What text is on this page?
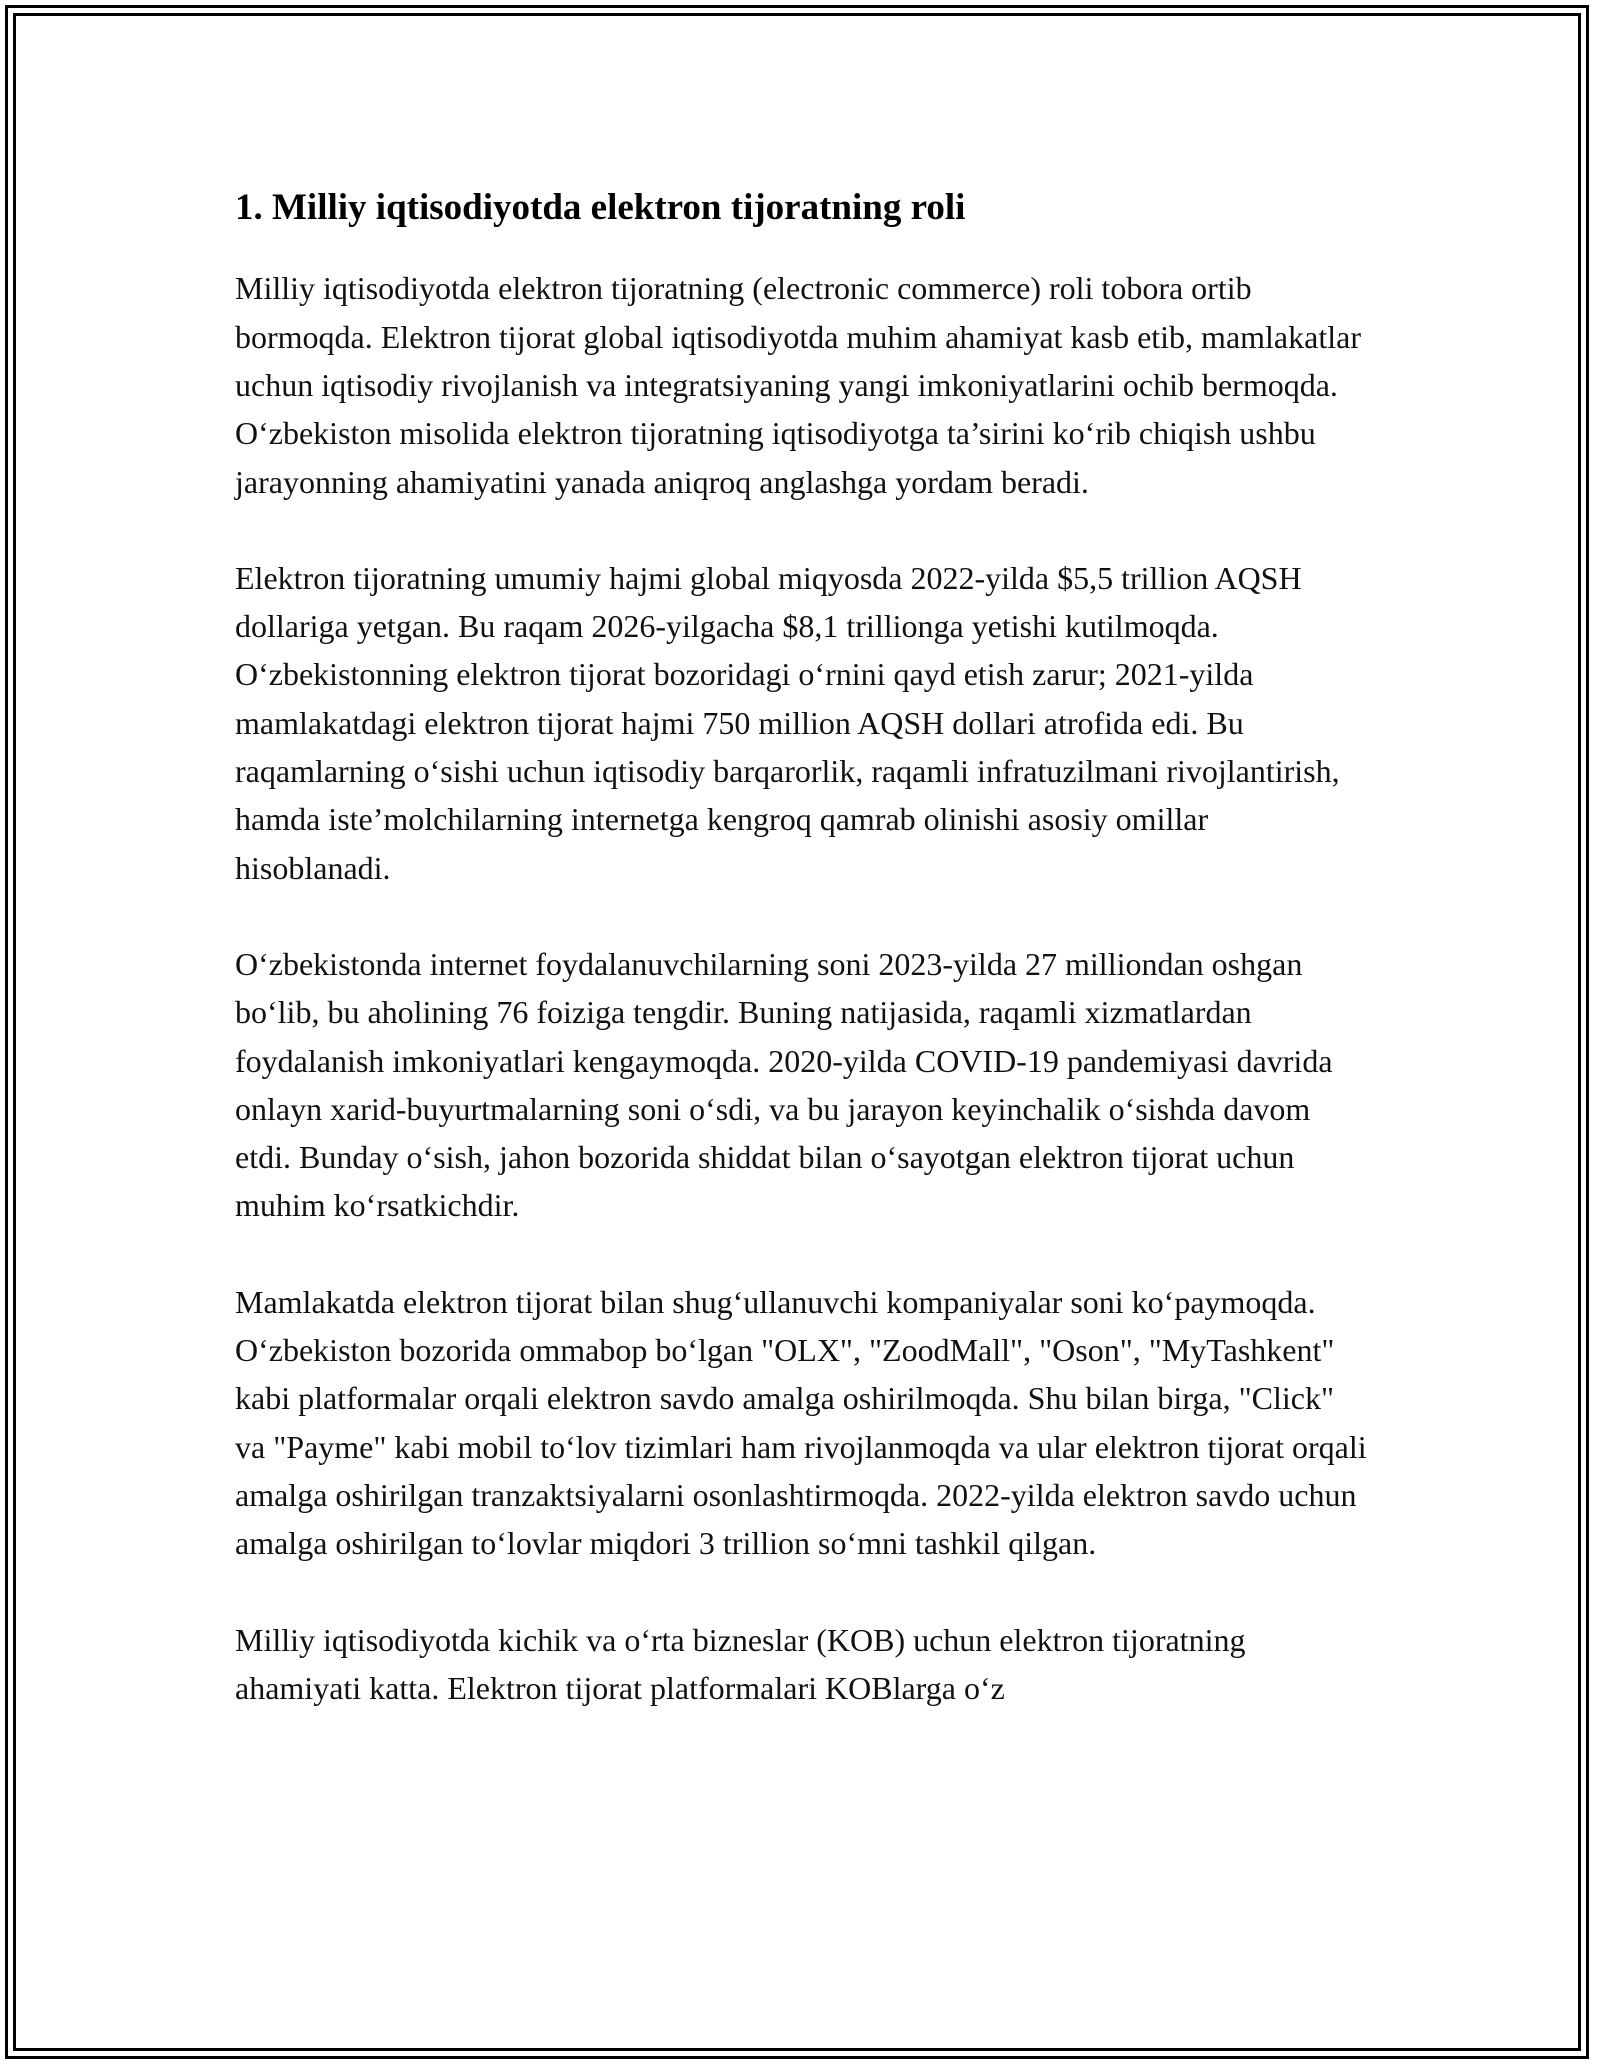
1. Milliy iqtisodiyotda elektron tijoratning roli

Milliy iqtisodiyotda elektron tijoratning (electronic commerce) roli tobora ortib bormoqda. Elektron tijorat global iqtisodiyotda muhim ahamiyat kasb etib, mamlakatlar uchun iqtisodiy rivojlanish va integratsiyaning yangi imkoniyatlarini ochib bermoqda. O‘zbekiston misolida elektron tijoratning iqtisodiyotga ta’sirini ko‘rib chiqish ushbu jarayonning ahamiyatini yanada aniqroq anglashga yordam beradi.

Elektron tijoratning umumiy hajmi global miqyosda 2022-yilda $5,5 trillion AQSH dollariga yetgan. Bu raqam 2026-yilgacha $8,1 trillionga yetishi kutilmoqda. O‘zbekistonning elektron tijorat bozoridagi o‘rnini qayd etish zarur; 2021-yilda mamlakatdagi elektron tijorat hajmi 750 million AQSH dollari atrofida edi. Bu raqamlarning o‘sishi uchun iqtisodiy barqarorlik, raqamli infratuzilmani rivojlantirish, hamda iste’molchilarning internetga kengroq qamrab olinishi asosiy omillar hisoblanadi.

O‘zbekistonda internet foydalanuvchilarning soni 2023-yilda 27 milliondan oshgan bo‘lib, bu aholining 76 foiziga tengdir. Buning natijasida, raqamli xizmatlardan foydalanish imkoniyatlari kengaymoqda. 2020-yilda COVID-19 pandemiyasi davrida onlayn xarid-buyurtmalarning soni o‘sdi, va bu jarayon keyinchalik o‘sishda davom etdi. Bunday o‘sish, jahon bozorida shiddat bilan o‘sayotgan elektron tijorat uchun muhim ko‘rsatkichdir.

Mamlakatda elektron tijorat bilan shug‘ullanuvchi kompaniyalar soni ko‘paymoqda. O‘zbekiston bozorida ommabop bo‘lgan "OLX", "ZoodMall", "Oson", "MyTashkent" kabi platformalar orqali elektron savdo amalga oshirilmoqda. Shu bilan birga, "Click" va "Payme" kabi mobil to‘lov tizimlari ham rivojlanmoqda va ular elektron tijorat orqali amalga oshirilgan tranzaktsiyalarni osonlashtirmoqda. 2022-yilda elektron savdo uchun amalga oshirilgan to‘lovlar miqdori 3 trillion so‘mni tashkil qilgan.

Milliy iqtisodiyotda kichik va o‘rta bizneslar (KOB) uchun elektron tijoratning ahamiyati katta. Elektron tijorat platformalari KOBlarga o‘z
